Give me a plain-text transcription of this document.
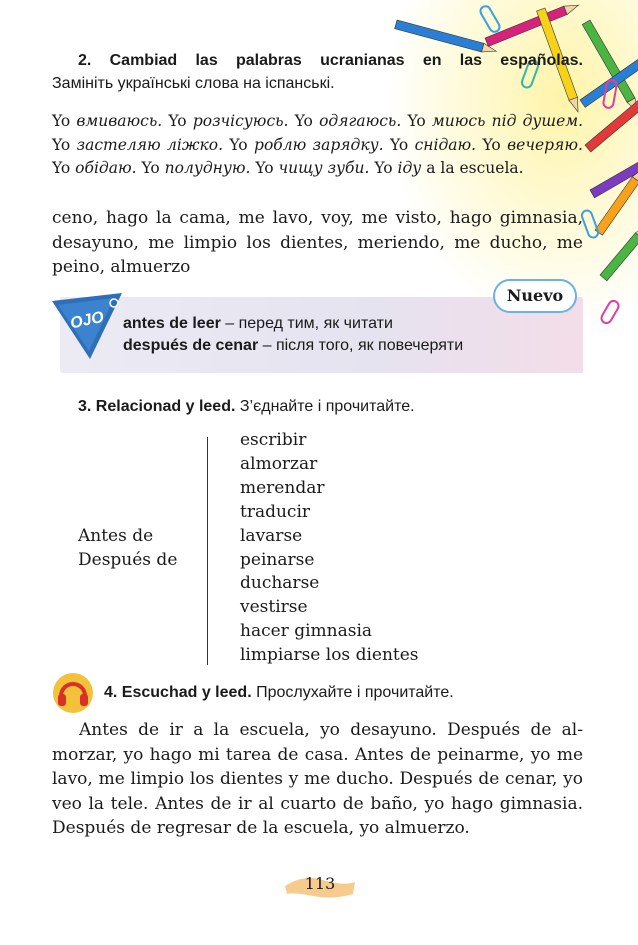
2. Cambiad las palabras ucranianas en las españolas.
Замініть українські слова на іспанські.
Yo вмиваюсь. Yo розчісуюсь. Yo одягаюсь. Yo миюсь під душем. Yo застеляю ліжко. Yo роблю зарядку. Yo снідаю. Yo вечеряю. Yo обідаю. Yo полудную. Yo чищу зуби. Yo іду a la escuela.
ceno, hago la cama, me lavo, voy, me visto, hago gimnasia, desayuno, me limpio los dientes, meriendo, me ducho, me peino, almuerzo
OJO
Nuevo
antes de leer – перед тим, як читати
después de cenar – після того, як повечеряти
3. Relacionad y leed. З’єднайте і прочитайте.
Antes de
Después de
escribir
almorzar
merendar
traducir
lavarse
peinarse
ducharse
vestirse
hacer gimnasia
limpiarse los dientes
4. Escuchad y leed. Прослухайте і прочитайте.
Antes de ir a la escuela, yo desayuno. Después de almorzar, yo hago mi tarea de casa. Antes de peinarme, yo me lavo, me limpio los dientes y me ducho. Después de cenar, yo veo la tele. Antes de ir al cuarto de baño, yo hago gimnasia. Después de regresar de la escuela, yo almuerzo.
113
